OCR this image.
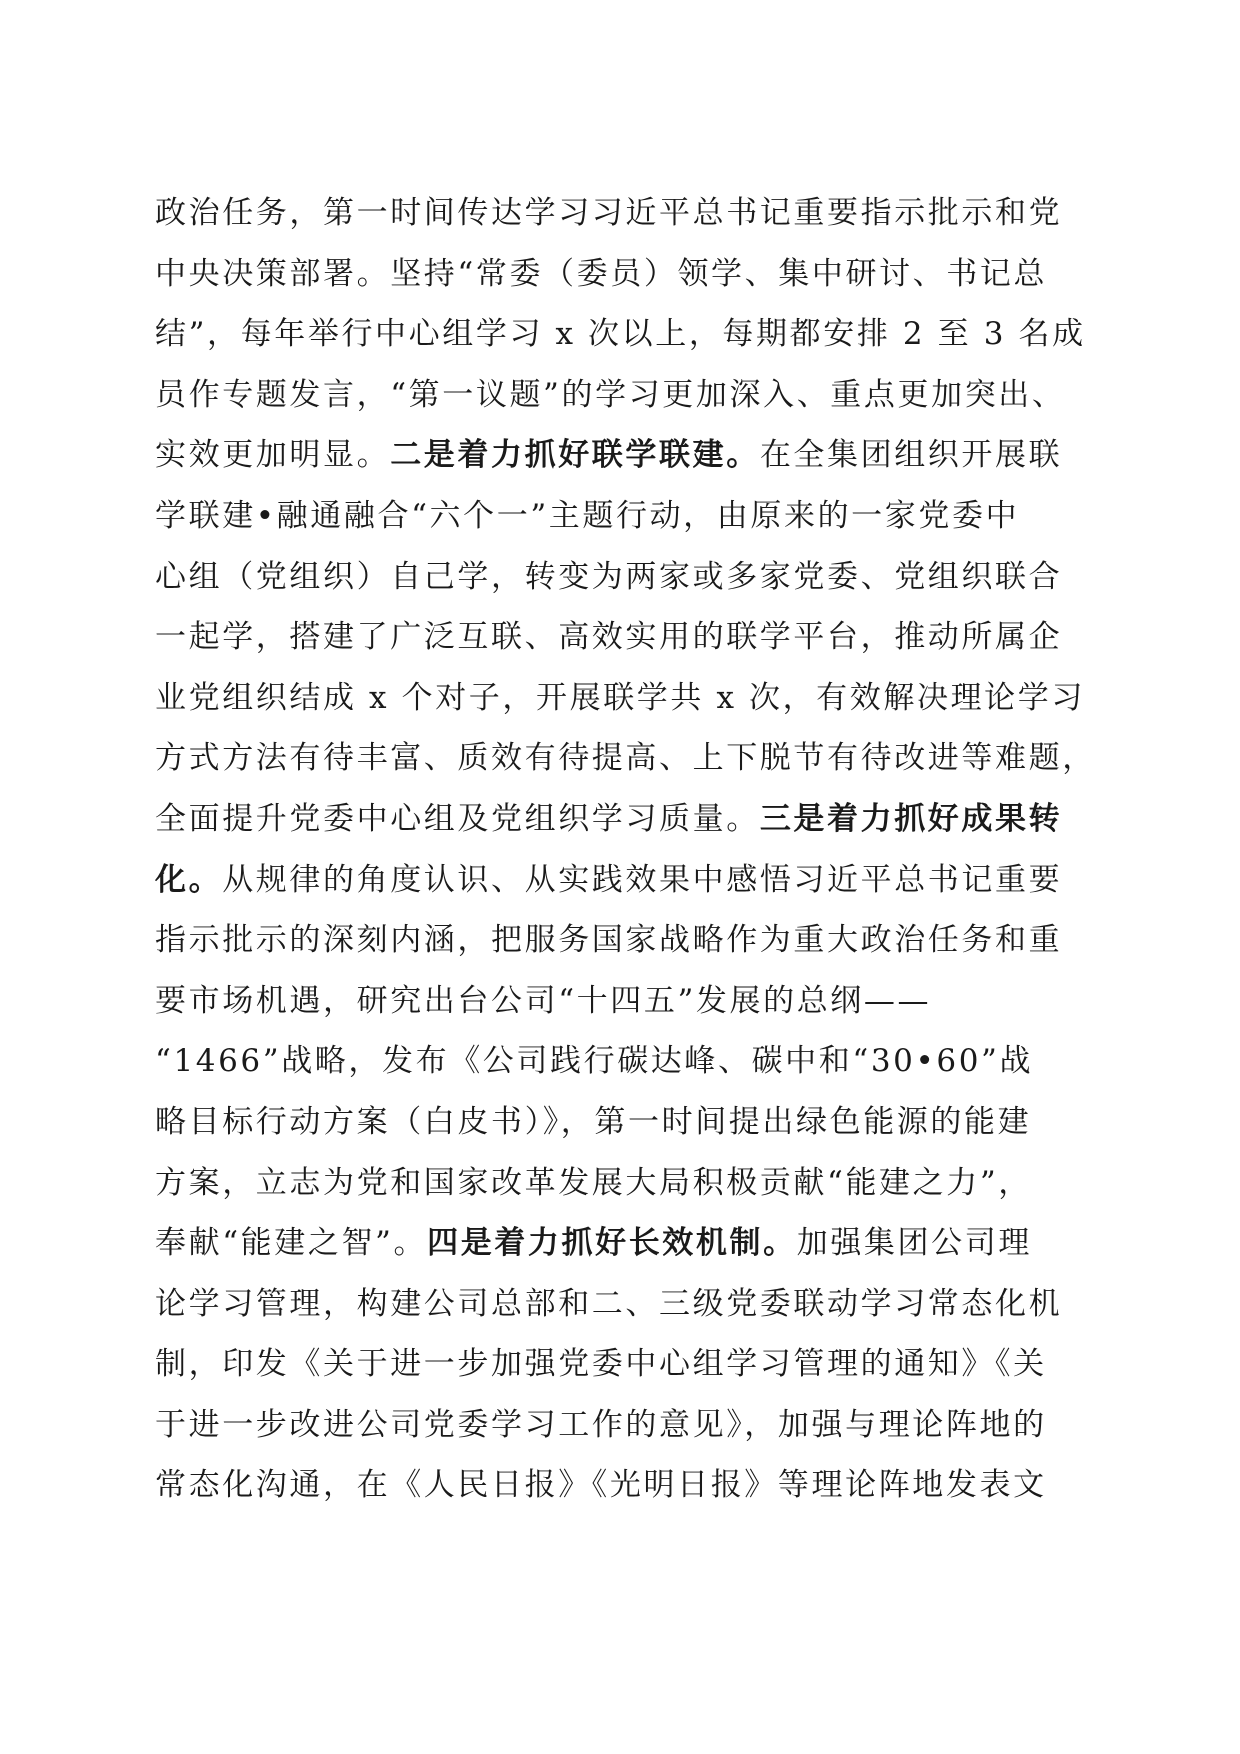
政治任务，第一时间传达学习习近平总书记重要指示批示和党
中央决策部署。坚持“常委（委员）领学、集中研讨、书记总
结”，每年举行中心组学习 x 次以上，每期都安排 2 至 3 名成
员作专题发言，“第一议题”的学习更加深入、重点更加突出、
实效更加明显。二是着力抓好联学联建。在全集团组织开展联
学联建•融通融合“六个一”主题行动，由原来的一家党委中
心组（党组织）自己学，转变为两家或多家党委、党组织联合
一起学，搭建了广泛互联、高效实用的联学平台，推动所属企
业党组织结成 x 个对子，开展联学共 x 次，有效解决理论学习
方式方法有待丰富、质效有待提高、上下脱节有待改进等难题，
全面提升党委中心组及党组织学习质量。三是着力抓好成果转
化。从规律的角度认识、从实践效果中感悟习近平总书记重要
指示批示的深刻内涵，把服务国家战略作为重大政治任务和重
要市场机遇，研究出台公司“十四五”发展的总纲——
“1466”战略，发布《公司践行碳达峰、碳中和“30•60”战
略目标行动方案（白皮书）》，第一时间提出绿色能源的能建
方案，立志为党和国家改革发展大局积极贡献“能建之力”，
奉献“能建之智”。四是着力抓好长效机制。加强集团公司理
论学习管理，构建公司总部和二、三级党委联动学习常态化机
制，印发《关于进一步加强党委中心组学习管理的通知》《关
于进一步改进公司党委学习工作的意见》，加强与理论阵地的
常态化沟通，在《人民日报》《光明日报》等理论阵地发表文
